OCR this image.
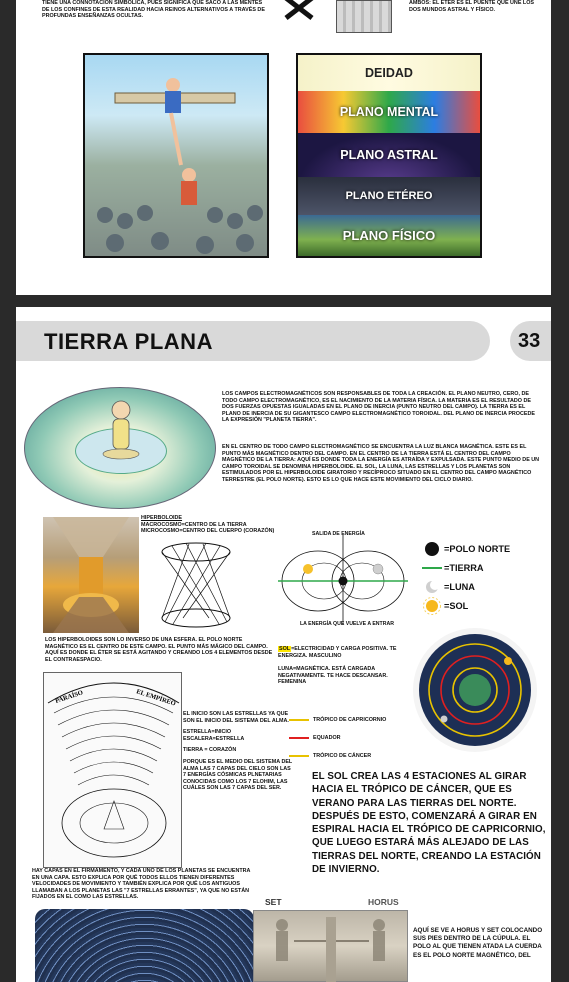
TIENE UNA CONNOTACIÓN SIMBÓLICA, PUES SIGNIFICA QUE SACÓ A LAS MENTES DE LOS CONFINES DE ESTA REALIDAD HACIA REINOS ALTERNATIVOS A TRAVÉS DE PROFUNDAS ENSEÑANZAS OCULTAS.

AMBOS: EL ÉTER ES EL PUENTE QUE UNE LOS DOS MUNDOS ASTRAL Y FÍSICO.

DEIDAD
PLANO MENTAL
PLANO ASTRAL
PLANO ETÉREO
PLANO FÍSICO
TIERRA PLANA	33

LOS CAMPOS ELECTROMAGNÉTICOS SON RESPONSABLES DE TODA LA CREACIÓN. EL PLANO NEUTRO, CERO, DE TODO CAMPO ELECTROMAGNÉTICO, ES EL NACIMIENTO DE LA MATERIA FÍSICA. LA MATERIA ES EL RESULTADO DE DOS FUERZAS OPUESTAS IGUALADAS EN EL PLANO DE INERCIA (PUNTO NEUTRO DEL CAMPO). LA TIERRA ES EL PLANO DE INERCIA DE SU GIGANTESCO CAMPO ELECTROMAGNÉTICO TOROIDAL. DEL PLANO DE INERCIA PROCEDE LA EXPRESIÓN "PLANETA TIERRA".

EN EL CENTRO DE TODO CAMPO ELECTROMAGNÉTICO SE ENCUENTRA LA LUZ BLANCA MAGNÉTICA. ESTE ES EL PUNTO MÁS MAGNÉTICO DENTRO DEL CAMPO. EN EL CENTRO DE LA TIERRA ESTÁ EL CENTRO DEL CAMPO MAGNÉTICO DE LA TIERRA: AQUÍ ES DONDE TODA LA ENERGÍA ES ATRAÍDA Y EXPULSADA. ESTE PUNTO MEDIO DE UN CAMPO TOROIDAL SE DENOMINA HIPERBOLOIDE. EL SOL, LA LUNA, LAS ESTRELLAS Y LOS PLANETAS SON ESTIMULADOS POR EL HIPERBOLOIDE GIRATORIO Y RECÍPROCO SITUADO EN EL CENTRO DEL CAMPO MAGNÉTICO TERRESTRE (EL POLO NORTE). ESTO ES LO QUE HACE ESTE MOVIMIENTO DEL CICLO DIARIO.

HIPERBOLOIDE
MACROCOSMO=CENTRO DE LA TIERRA
MICROCOSMO=CENTRO DEL CUERPO (CORAZÓN)	SALIDA DE ENERGÍA
LA ENERGÍA QUE VUELVE A ENTRAR
=POLO NORTE
=TIERRA
=LUNA
=SOL

LOS HIPERBOLOIDES SON LO INVERSO DE UNA ESFERA. EL POLO NORTE MAGNÉTICO ES EL CENTRO DE ESTE CAMPO. EL PUNTO MÁS MÁGICO DEL CAMPO. AQUÍ ES DONDE EL ÉTER SE ESTÁ AGITANDO Y CREANDO LOS 4 ELEMENTOS DESDE EL CONTRAESPACIO.

SOL=ELECTRICIDAD Y CARGA POSITIVA. TE ENERGIZA. MASCULINO

LUNA=MAGNÉTICA. ESTÁ CARGADA NEGATIVAMENTE. TE HACE DESCANSAR. FEMENINA

PARAÍSO	EL EMPÍREO

EL INICIO SON LAS ESTRELLAS YA QUE SON EL INICIO DEL SISTEMA DEL ALMA.

ESTRELLA=INICIO ESCALERA=ESTRELLA

TIERRA = CORAZÓN

PORQUE ES EL MEDIO DEL SISTEMA DEL ALMA LAS 7 CAPAS DEL CIELO SON LAS 7 ENERGÍAS CÓSMICAS PLNETARIAS CONOCIDAS COMO LOS 7 ELOHIM, LAS CUÁLES SON LAS 7 CAPAS DEL SER.

TRÓPICO DE CAPRICORNIO
EQUADOR
TRÓPICO DE CÁNCER

EL SOL CREA LAS 4 ESTACIONES AL GIRAR HACIA EL TRÓPICO DE CÁNCER, QUE ES VERANO PARA LAS TIERRAS DEL NORTE. DESPUÉS DE ESTO, COMENZARÁ A GIRAR EN ESPIRAL HACIA EL TRÓPICO DE CAPRICORNIO, QUE LUEGO ESTARÁ MÁS ALEJADO DE LAS TIERRAS DEL NORTE, CREANDO LA ESTACIÓN DE INVIERNO.

HAY CAPAS EN EL FIRMAMENTO, Y CADA UNO DE LOS PLANETAS SE ENCUENTRA EN UNA CAPA. ESTO EXPLICA POR QUÉ TODOS ELLOS TIENEN DIFERENTES VELOCIDADES DE MOVIMIENTO Y TAMBIÉN EXPLICA POR QUÉ LOS ANTIGUOS LLAMABAN A LOS PLANETAS LAS "7 ESTRELLAS ERRANTES", YA QUE NO ESTÁN FIJADOS EN EL COMO LAS ESTRELLAS.	SET	HORUS

AQUÍ SE VE A HORUS Y SET COLOCANDO SUS PIES DENTRO DE LA CÚPULA. EL POLO AL QUE TIENEN ATADA LA CUERDA ES EL POLO NORTE MAGNÉTICO, DEL
